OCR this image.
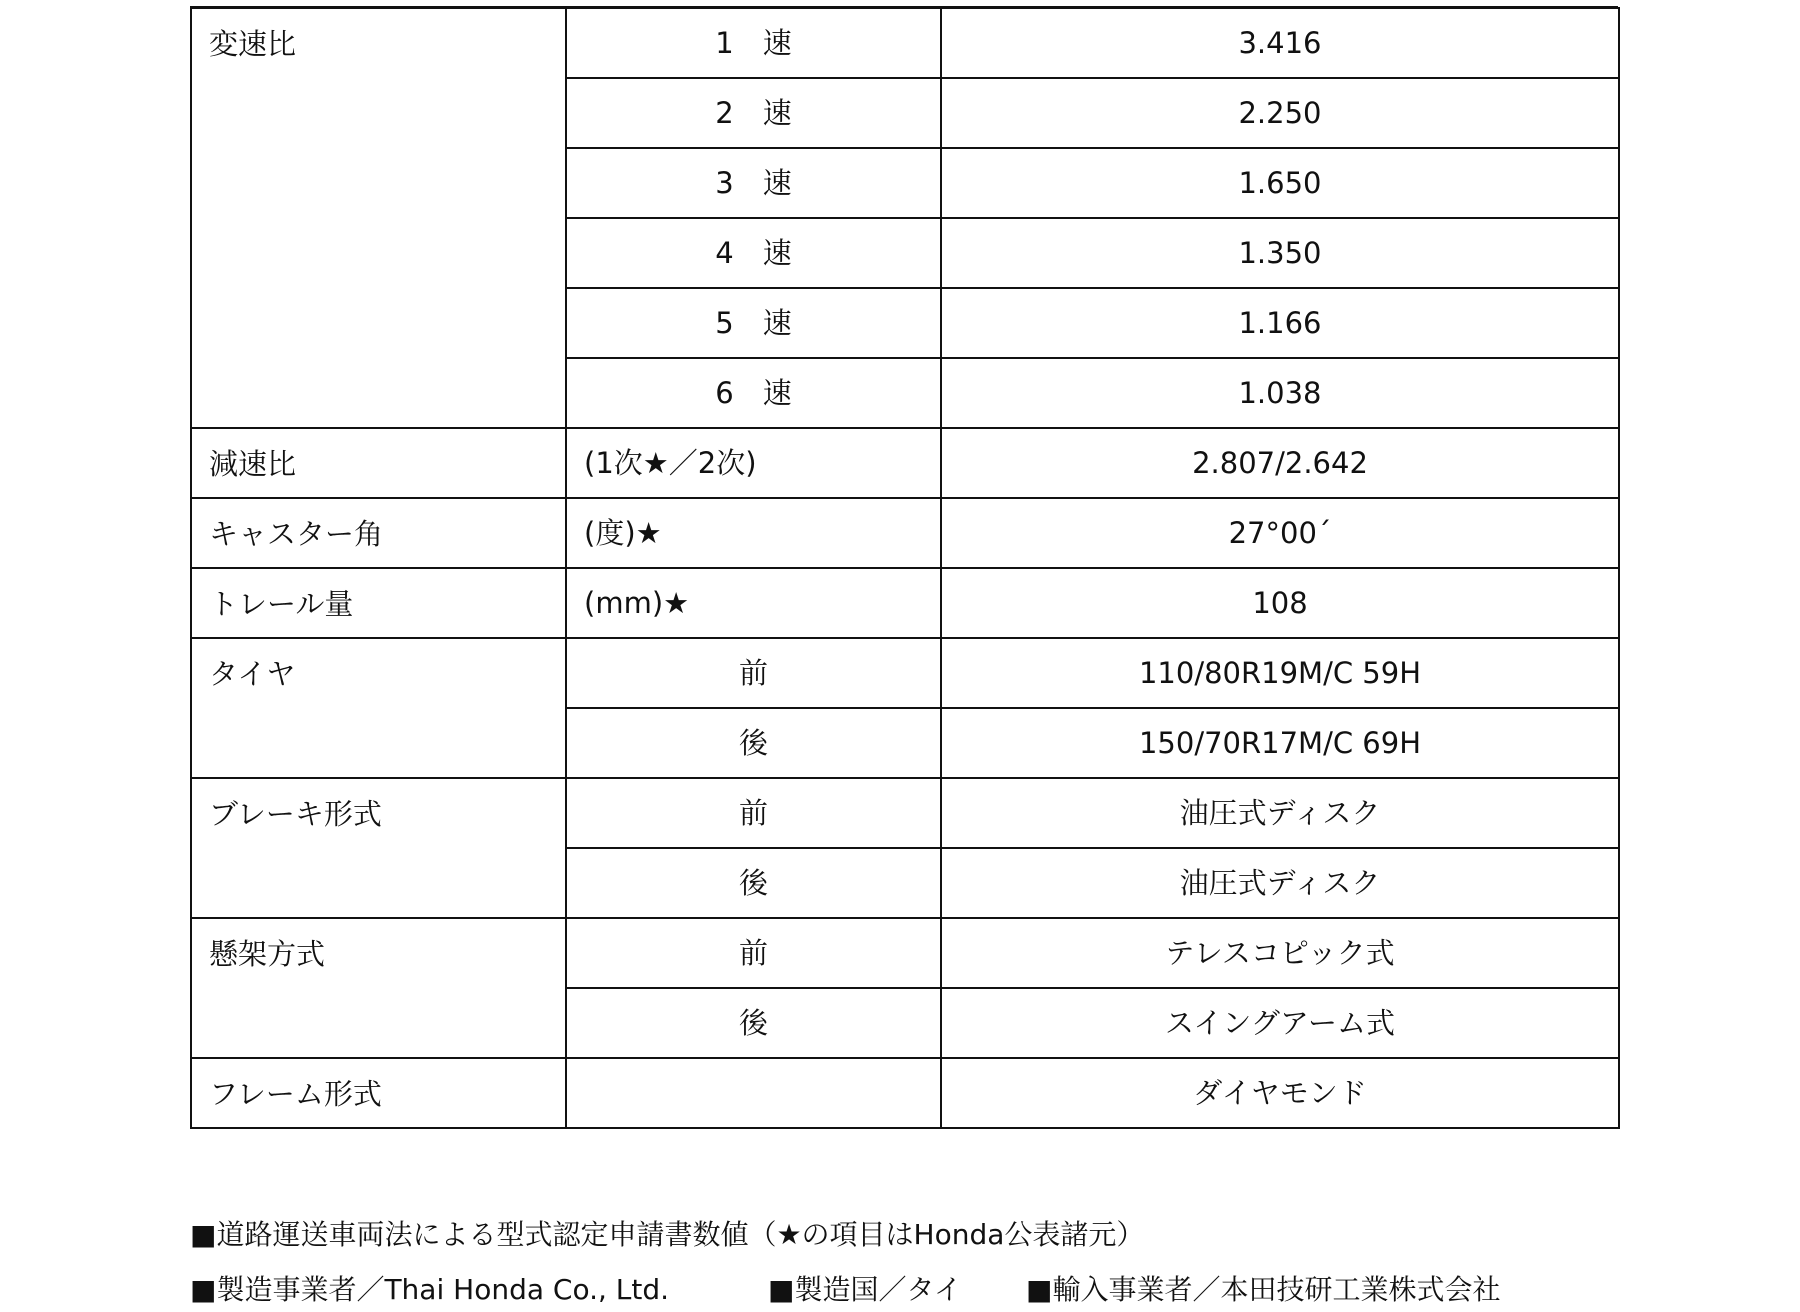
変速比	1　速	3.416
	2　速	2.250
	3　速	1.650
	4　速	1.350
	5　速	1.166
	6　速	1.038
減速比	(1次★／2次)	2.807/2.642
キャスター角	(度)★	27°00´
トレール量	(mm)★	108
タイヤ	前	110/80R19M/C 59H
	後	150/70R17M/C 69H
ブレーキ形式	前	油圧式ディスク
	後	油圧式ディスク
懸架方式	前	テレスコピック式
	後	スイングアーム式
フレーム形式		ダイヤモンド
■道路運送車両法による型式認定申請書数値（★の項目はHonda公表諸元）
■製造事業者／Thai Honda Co., Ltd.	■製造国／タイ ■輸入事業者／本田技研工業株式会社
